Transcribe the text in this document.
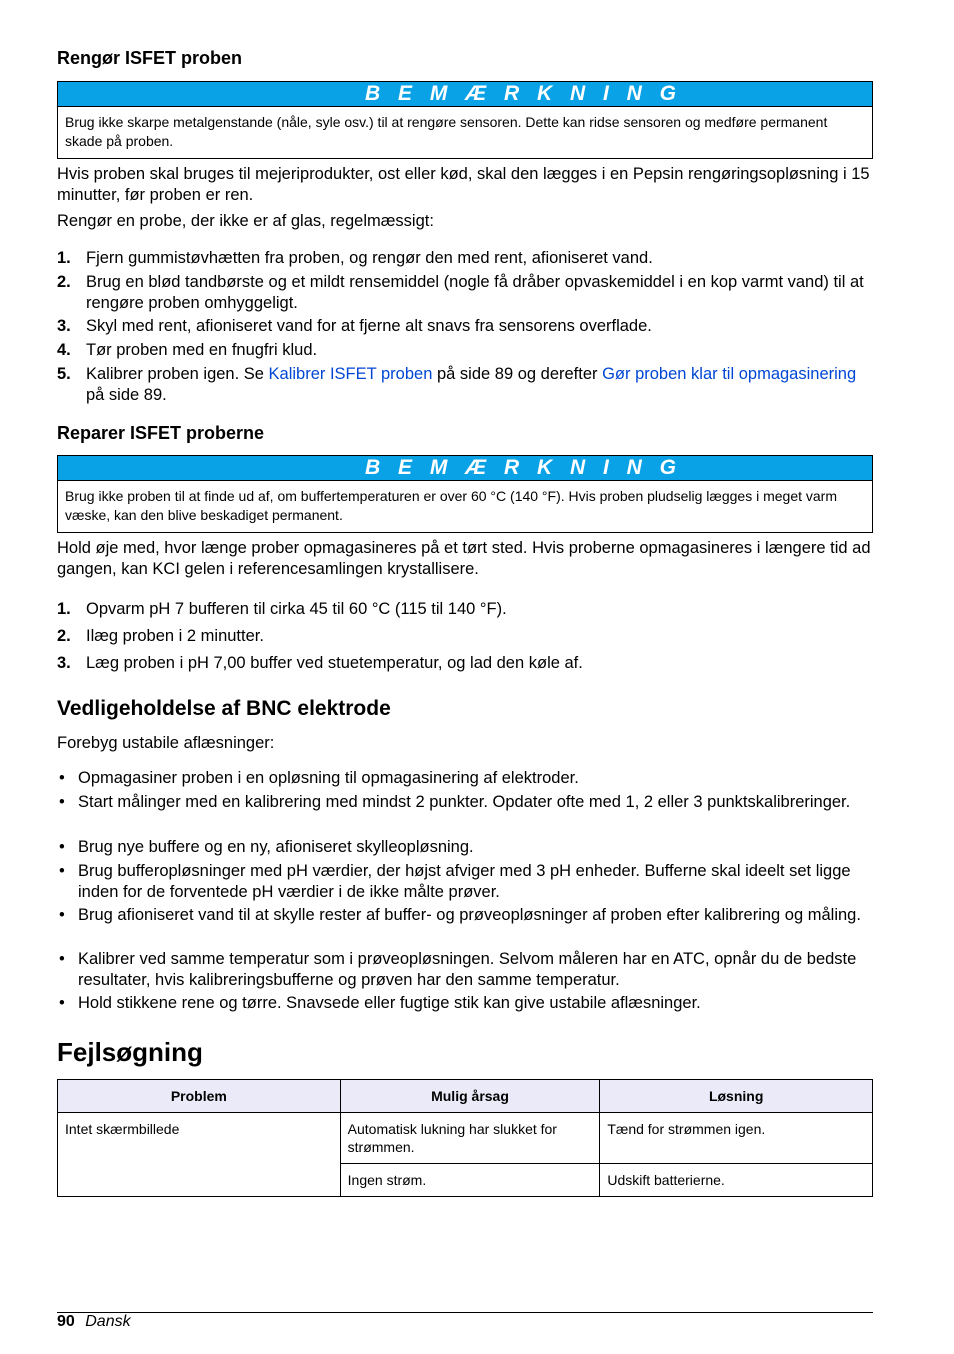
Rengør ISFET proben
B E M Æ R K N I N G
Brug ikke skarpe metalgenstande (nåle, syle osv.) til at rengøre sensoren. Dette kan ridse sensoren og medføre permanent skade på proben.
Hvis proben skal bruges til mejeriprodukter, ost eller kød, skal den lægges i en Pepsin rengøringsopløsning i 15 minutter, før proben er ren.
Rengør en probe, der ikke er af glas, regelmæssigt:
1. Fjern gummistøvhætten fra proben, og rengør den med rent, afioniseret vand.
2. Brug en blød tandbørste og et mildt rensemiddel (nogle få dråber opvaskemiddel i en kop varmt vand) til at rengøre proben omhyggeligt.
3. Skyl med rent, afioniseret vand for at fjerne alt snavs fra sensorens overflade.
4. Tør proben med en fnugfri klud.
5. Kalibrer proben igen. Se Kalibrer ISFET proben på side 89 og derefter Gør proben klar til opmagasinering på side 89.
Reparer ISFET proberne
B E M Æ R K N I N G
Brug ikke proben til at finde ud af, om buffertemperaturen er over 60 °C (140 °F). Hvis proben pludselig lægges i meget varm væske, kan den blive beskadiget permanent.
Hold øje med, hvor længe prober opmagasineres på et tørt sted. Hvis proberne opmagasineres i længere tid ad gangen, kan KCI gelen i referencesamlingen krystallisere.
1. Opvarm pH 7 bufferen til cirka 45 til 60 °C (115 til 140 °F).
2. Ilæg proben i 2 minutter.
3. Læg proben i pH 7,00 buffer ved stuetemperatur, og lad den køle af.
Vedligeholdelse af BNC elektrode
Forebyg ustabile aflæsninger:
• Opmagasiner proben i en opløsning til opmagasinering af elektroder.
• Start målinger med en kalibrering med mindst 2 punkter. Opdater ofte med 1, 2 eller 3 punktskalibreringer.
• Brug nye buffere og en ny, afioniseret skylleopløsning.
• Brug bufferopløsninger med pH værdier, der højst afviger med 3 pH enheder. Bufferne skal ideelt set ligge inden for de forventede pH værdier i de ikke målte prøver.
• Brug afioniseret vand til at skylle rester af buffer- og prøveopløsninger af proben efter kalibrering og måling.
• Kalibrer ved samme temperatur som i prøveopløsningen. Selvom måleren har en ATC, opnår du de bedste resultater, hvis kalibreringsbufferne og prøven har den samme temperatur.
• Hold stikkene rene og tørre. Snavsede eller fugtige stik kan give ustabile aflæsninger.
Fejlsøgning
Problem	Mulig årsag	Løsning
Intet skærmbillede	Automatisk lukning har slukket for strømmen.	Tænd for strømmen igen.
	Ingen strøm.	Udskift batterierne.
90 Dansk
